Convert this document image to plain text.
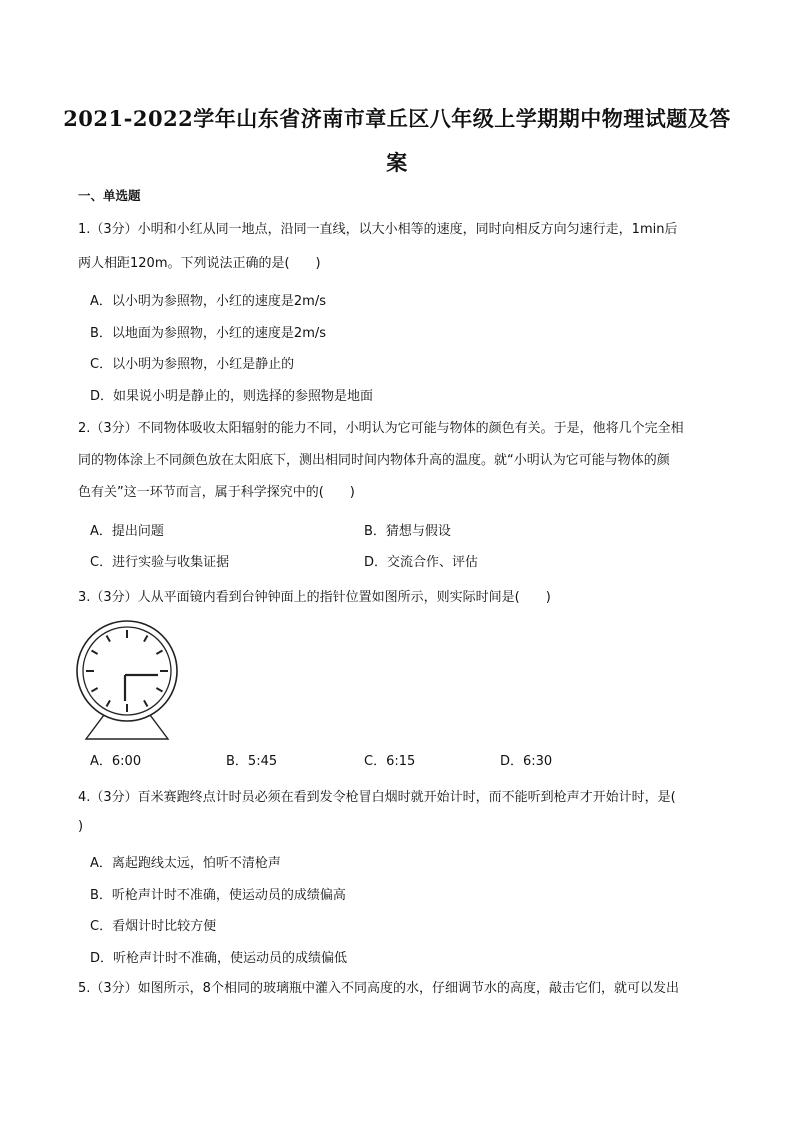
2021-2022学年山东省济南市章丘区八年级上学期期中物理试题及答
案
一、单选题
1.（3分）小明和小红从同一地点，沿同一直线，以大小相等的速度，同时向相反方向匀速行走，1min后
两人相距120m。下列说法正确的是(　　)
A．以小明为参照物，小红的速度是2m/s
B．以地面为参照物，小红的速度是2m/s
C．以小明为参照物，小红是静止的
D．如果说小明是静止的，则选择的参照物是地面
2.（3分）不同物体吸收太阳辐射的能力不同，小明认为它可能与物体的颜色有关。于是，他将几个完全相
同的物体涂上不同颜色放在太阳底下，测出相同时间内物体升高的温度。就“小明认为它可能与物体的颜
色有关”这一环节而言，属于科学探究中的(　　)
A．提出问题	B．猜想与假设
C．进行实验与收集证据	D．交流合作、评估
3.（3分）人从平面镜内看到台钟钟面上的指针位置如图所示，则实际时间是(　　)
A．6:00	B．5:45	C．6:15	D．6:30
4.（3分）百米赛跑终点计时员必须在看到发令枪冒白烟时就开始计时，而不能听到枪声才开始计时，是(
)
A．离起跑线太远，怕听不清枪声
B．听枪声计时不准确，使运动员的成绩偏高
C．看烟计时比较方便
D．听枪声计时不准确，使运动员的成绩偏低
5.（3分）如图所示，8个相同的玻璃瓶中灌入不同高度的水，仔细调节水的高度，敲击它们，就可以发出
